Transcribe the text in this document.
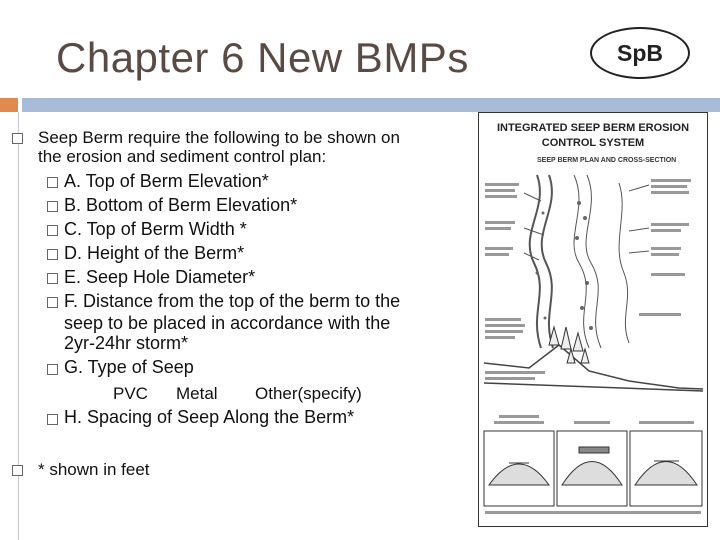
Chapter 6 New BMPs	SpB
Seep Berm require the following to be shown on
the erosion and sediment control plan:
A. Top of Berm Elevation*
B. Bottom of Berm Elevation*
C. Top of Berm Width *
D. Height of the Berm*
E. Seep Hole Diameter*
F. Distance from the top of the berm to the
seep to be placed in accordance with the
2yr-24hr storm*
G. Type of Seep
PVC Metal Other(specify)
H. Spacing of Seep Along the Berm*
* shown in feet
INTEGRATED SEEP BERM EROSION
CONTROL SYSTEM
SEEP BERM PLAN AND CROSS-SECTION
